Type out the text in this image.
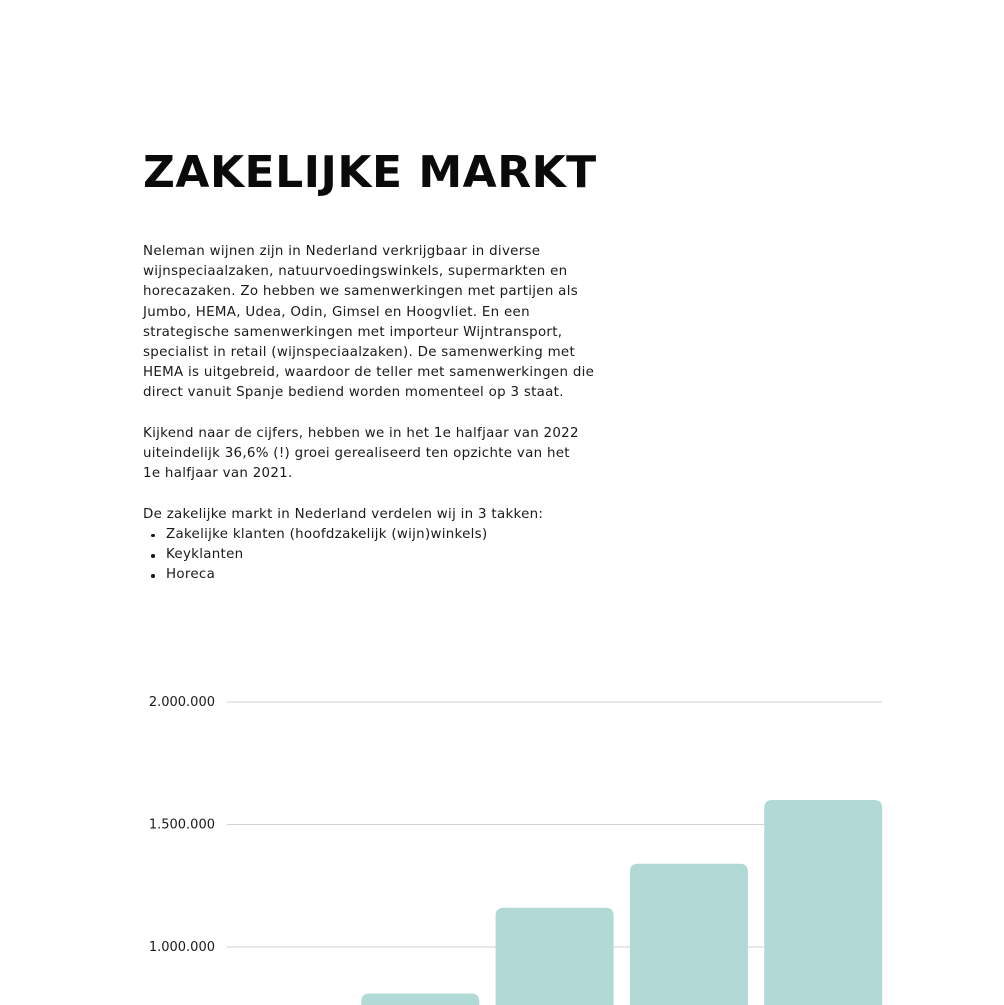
ZAKELIJKE MARKT

Neleman wijnen zijn in Nederland verkrijgbaar in diverse
wijnspeciaalzaken, natuurvoedingswinkels, supermarkten en
horecazaken. Zo hebben we samenwerkingen met partijen als
Jumbo, HEMA, Udea, Odin, Gimsel en Hoogvliet. En een
strategische samenwerkingen met importeur Wijntransport,
specialist in retail (wijnspeciaalzaken). De samenwerking met
HEMA is uitgebreid, waardoor de teller met samenwerkingen die
direct vanuit Spanje bediend worden momenteel op 3 staat.

Kijkend naar de cijfers, hebben we in het 1e halfjaar van 2022
uiteindelijk 36,6% (!) groei gerealiseerd ten opzichte van het
1e halfjaar van 2021.

De zakelijke markt in Nederland verdelen wij in 3 takken:

Zakelijke klanten (hoofdzakelijk (wijn)winkels)
Keyklanten
Horeca
2.000.000
1.500.000
1.000.000
